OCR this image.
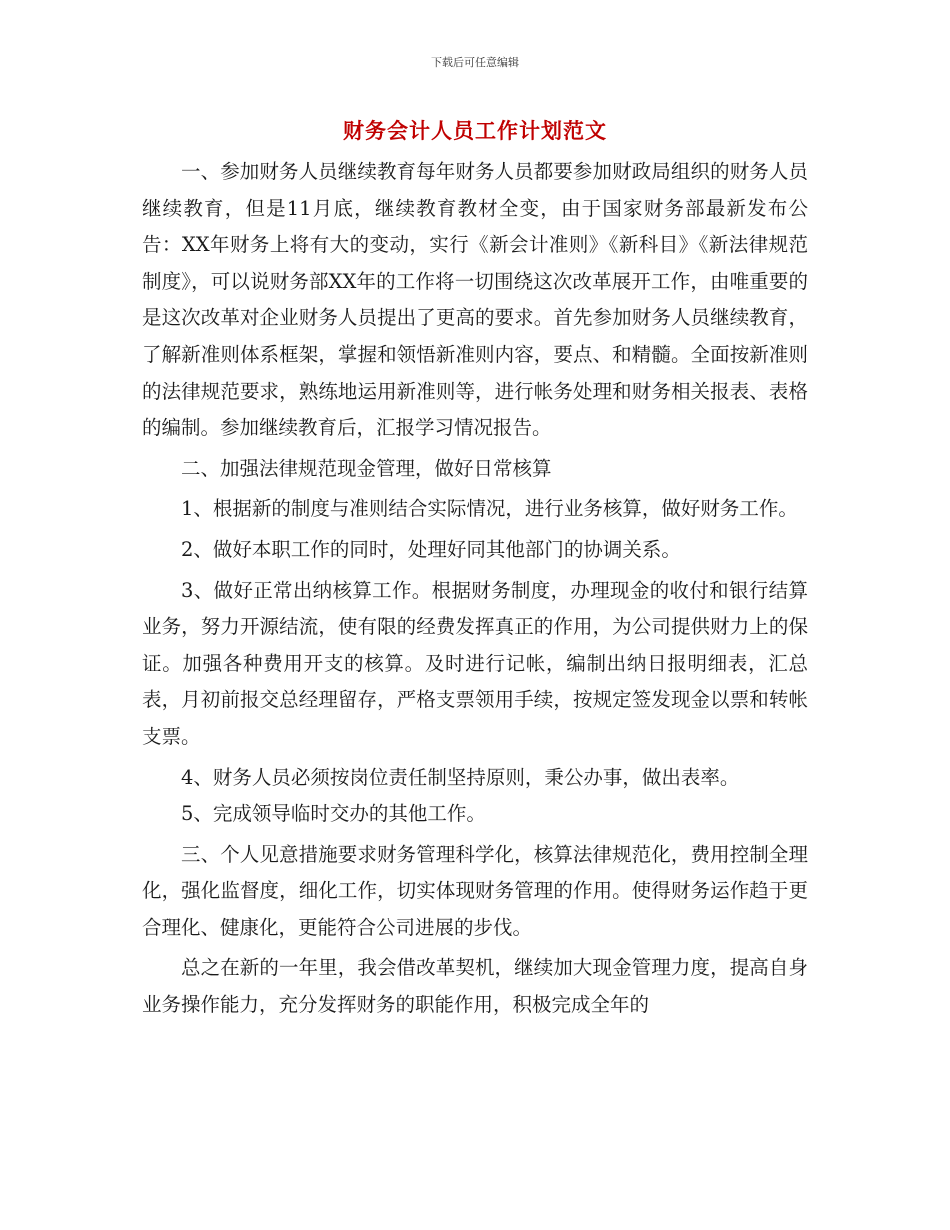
下载后可任意编辑
财务会计人员工作计划范文

一、参加财务人员继续教育每年财务人员都要参加财政局组织的财务人员继续教育，但是11月底，继续教育教材全变，由于国家财务部最新发布公告：XX年财务上将有大的变动，实行《新会计准则》《新科目》《新法律规范制度》，可以说财务部XX年的工作将一切围绕这次改革展开工作，由唯重要的是这次改革对企业财务人员提出了更高的要求。首先参加财务人员继续教育，了解新准则体系框架，掌握和领悟新准则内容，要点、和精髓。全面按新准则的法律规范要求，熟练地运用新准则等，进行帐务处理和财务相关报表、表格的编制。参加继续教育后，汇报学习情况报告。

二、加强法律规范现金管理，做好日常核算

1、根据新的制度与准则结合实际情况，进行业务核算，做好财务工作。

2、做好本职工作的同时，处理好同其他部门的协调关系。

3、做好正常出纳核算工作。根据财务制度，办理现金的收付和银行结算业务，努力开源结流，使有限的经费发挥真正的作用，为公司提供财力上的保证。加强各种费用开支的核算。及时进行记帐，编制出纳日报明细表，汇总表，月初前报交总经理留存，严格支票领用手续，按规定签发现金以票和转帐支票。

4、财务人员必须按岗位责任制坚持原则，秉公办事，做出表率。

5、完成领导临时交办的其他工作。

三、个人见意措施要求财务管理科学化，核算法律规范化，费用控制全理化，强化监督度，细化工作，切实体现财务管理的作用。使得财务运作趋于更合理化、健康化，更能符合公司进展的步伐。

总之在新的一年里，我会借改革契机，继续加大现金管理力度，提高自身业务操作能力，充分发挥财务的职能作用，积极完成全年的
